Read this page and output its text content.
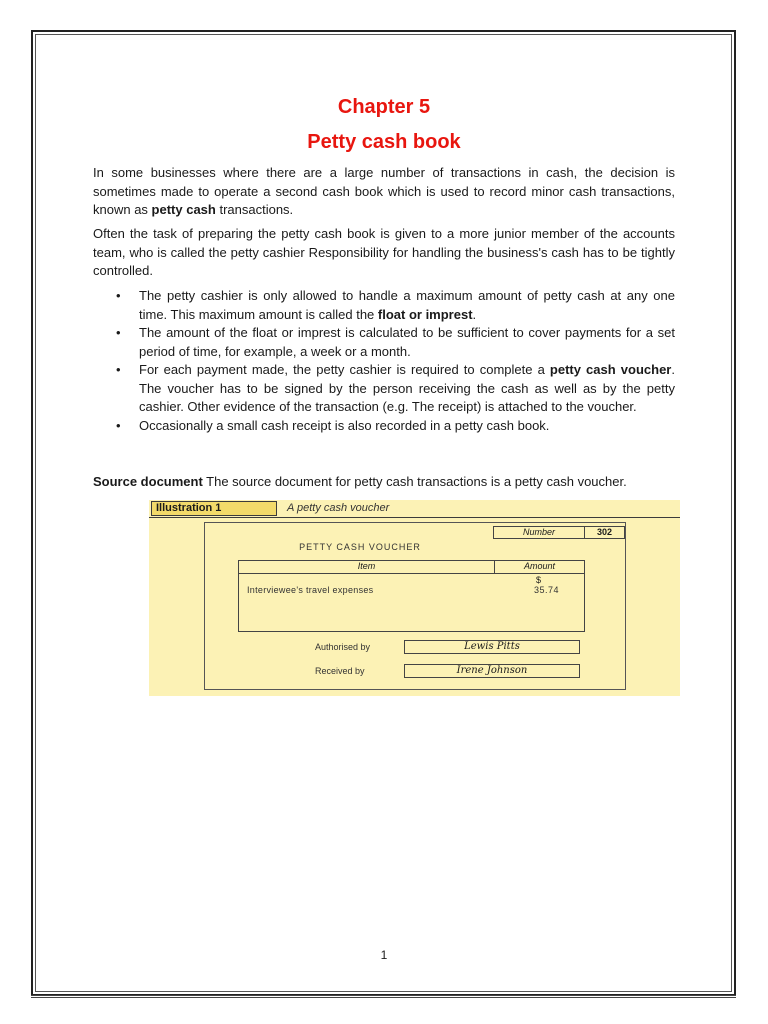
Chapter 5
Petty cash book

In some businesses where there are a large number of transactions in cash, the decision is sometimes made to operate a second cash book which is used to record minor cash transactions, known as petty cash transactions.

Often the task of preparing the petty cash book is given to a more junior member of the accounts team, who is called the petty cashier Responsibility for handling the business's cash has to be tightly controlled.

• The petty cashier is only allowed to handle a maximum amount of petty cash at any one time. This maximum amount is called the float or imprest.
• The amount of the float or imprest is calculated to be sufficient to cover payments for a set period of time, for example, a week or a month.
• For each payment made, the petty cashier is required to complete a petty cash voucher. The voucher has to be signed by the person receiving the cash as well as by the petty cashier. Other evidence of the transaction (e.g. The receipt) is attached to the voucher.
• Occasionally a small cash receipt is also recorded in a petty cash book.

Source document The source document for petty cash transactions is a petty cash voucher.

Illustration 1	A petty cash voucher
Number	302
PETTY CASH VOUCHER
Item	Amount
$
Interviewee's travel expenses	35.74
Authorised by	Lewis Pitts
Received by	Irene Johnson
1
